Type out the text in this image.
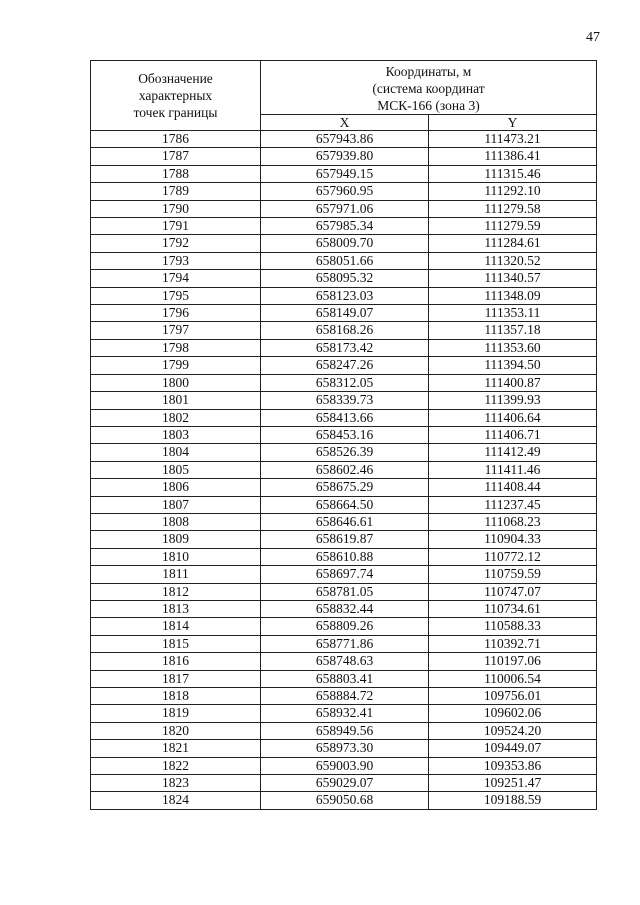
47
Обозначение
характерных
точек границы	Координаты, м
(система координат
МСК-166 (зона 3)	

	X	Y
1786	657943.86	111473.21
1787	657939.80	111386.41
1788	657949.15	111315.46
1789	657960.95	111292.10
1790	657971.06	111279.58
1791	657985.34	111279.59
1792	658009.70	111284.61
1793	658051.66	111320.52
1794	658095.32	111340.57
1795	658123.03	111348.09
1796	658149.07	111353.11
1797	658168.26	111357.18
1798	658173.42	111353.60
1799	658247.26	111394.50
1800	658312.05	111400.87
1801	658339.73	111399.93
1802	658413.66	111406.64
1803	658453.16	111406.71
1804	658526.39	111412.49
1805	658602.46	111411.46
1806	658675.29	111408.44
1807	658664.50	111237.45
1808	658646.61	111068.23
1809	658619.87	110904.33
1810	658610.88	110772.12
1811	658697.74	110759.59
1812	658781.05	110747.07
1813	658832.44	110734.61
1814	658809.26	110588.33
1815	658771.86	110392.71
1816	658748.63	110197.06
1817	658803.41	110006.54
1818	658884.72	109756.01
1819	658932.41	109602.06
1820	658949.56	109524.20
1821	658973.30	109449.07
1822	659003.90	109353.86
1823	659029.07	109251.47
1824	659050.68	109188.59
